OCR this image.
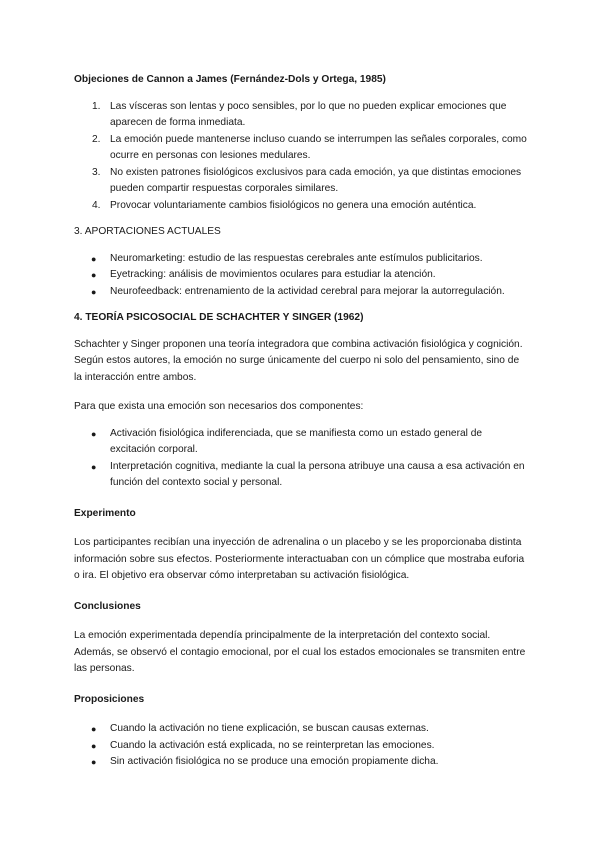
Objeciones de Cannon a James (Fernández-Dols y Ortega, 1985)
1. Las vísceras son lentas y poco sensibles, por lo que no pueden explicar emociones que aparecen de forma inmediata.
2. La emoción puede mantenerse incluso cuando se interrumpen las señales corporales, como ocurre en personas con lesiones medulares.
3. No existen patrones fisiológicos exclusivos para cada emoción, ya que distintas emociones pueden compartir respuestas corporales similares.
4. Provocar voluntariamente cambios fisiológicos no genera una emoción auténtica.

3. APORTACIONES ACTUALES

● Neuromarketing: estudio de las respuestas cerebrales ante estímulos publicitarios.
● Eyetracking: análisis de movimientos oculares para estudiar la atención.
● Neurofeedback: entrenamiento de la actividad cerebral para mejorar la autorregulación.
4. TEORÍA PSICOSOCIAL DE SCHACHTER Y SINGER (1962)

Schachter y Singer proponen una teoría integradora que combina activación fisiológica y cognición. Según estos autores, la emoción no surge únicamente del cuerpo ni solo del pensamiento, sino de la interacción entre ambos.

Para que exista una emoción son necesarios dos componentes:

● Activación fisiológica indiferenciada, que se manifiesta como un estado general de excitación corporal.
● Interpretación cognitiva, mediante la cual la persona atribuye una causa a esa activación en función del contexto social y personal.
Experimento

Los participantes recibían una inyección de adrenalina o un placebo y se les proporcionaba distinta información sobre sus efectos. Posteriormente interactuaban con un cómplice que mostraba euforia o ira. El objetivo era observar cómo interpretaban su activación fisiológica.

Conclusiones

La emoción experimentada dependía principalmente de la interpretación del contexto social. Además, se observó el contagio emocional, por el cual los estados emocionales se transmiten entre las personas.

Proposiciones
● Cuando la activación no tiene explicación, se buscan causas externas.
● Cuando la activación está explicada, no se reinterpretan las emociones.
● Sin activación fisiológica no se produce una emoción propiamente dicha.
